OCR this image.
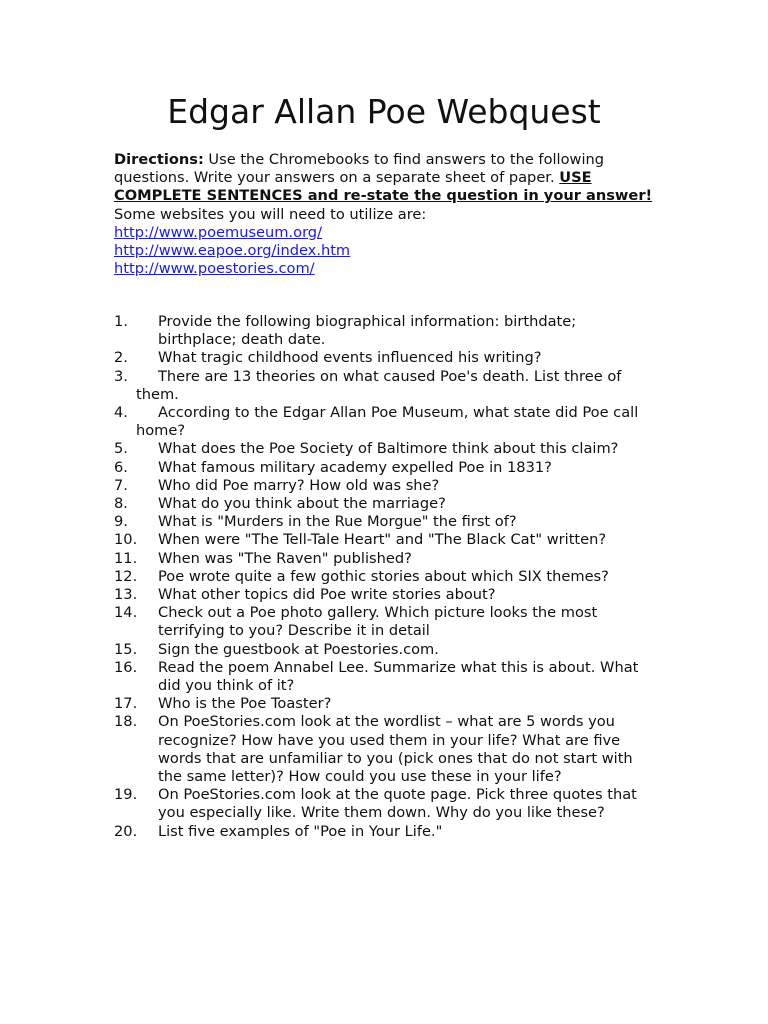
Edgar Allan Poe Webquest
Directions: Use the Chromebooks to find answers to the following questions. Write your answers on a separate sheet of paper. USE COMPLETE SENTENCES and re-state the question in your answer! Some websites you will need to utilize are:
http://www.poemuseum.org/
http://www.eapoe.org/index.htm
http://www.poestories.com/
1. Provide the following biographical information: birthdate; birthplace; death date.
2. What tragic childhood events influenced his writing?
3. There are 13 theories on what caused Poe's death. List three of them.
4. According to the Edgar Allan Poe Museum, what state did Poe call home?
5. What does the Poe Society of Baltimore think about this claim?
6. What famous military academy expelled Poe in 1831?
7. Who did Poe marry? How old was she?
8. What do you think about the marriage?
9. What is "Murders in the Rue Morgue" the first of?
10. When were "The Tell-Tale Heart" and "The Black Cat" written?
11. When was "The Raven" published?
12. Poe wrote quite a few gothic stories about which SIX themes?
13. What other topics did Poe write stories about?
14. Check out a Poe photo gallery. Which picture looks the most terrifying to you? Describe it in detail
15. Sign the guestbook at Poestories.com.
16. Read the poem Annabel Lee. Summarize what this is about. What did you think of it?
17. Who is the Poe Toaster?
18. On PoeStories.com look at the wordlist – what are 5 words you recognize? How have you used them in your life? What are five words that are unfamiliar to you (pick ones that do not start with the same letter)? How could you use these in your life?
19. On PoeStories.com look at the quote page. Pick three quotes that you especially like. Write them down. Why do you like these?
20. List five examples of "Poe in Your Life."
